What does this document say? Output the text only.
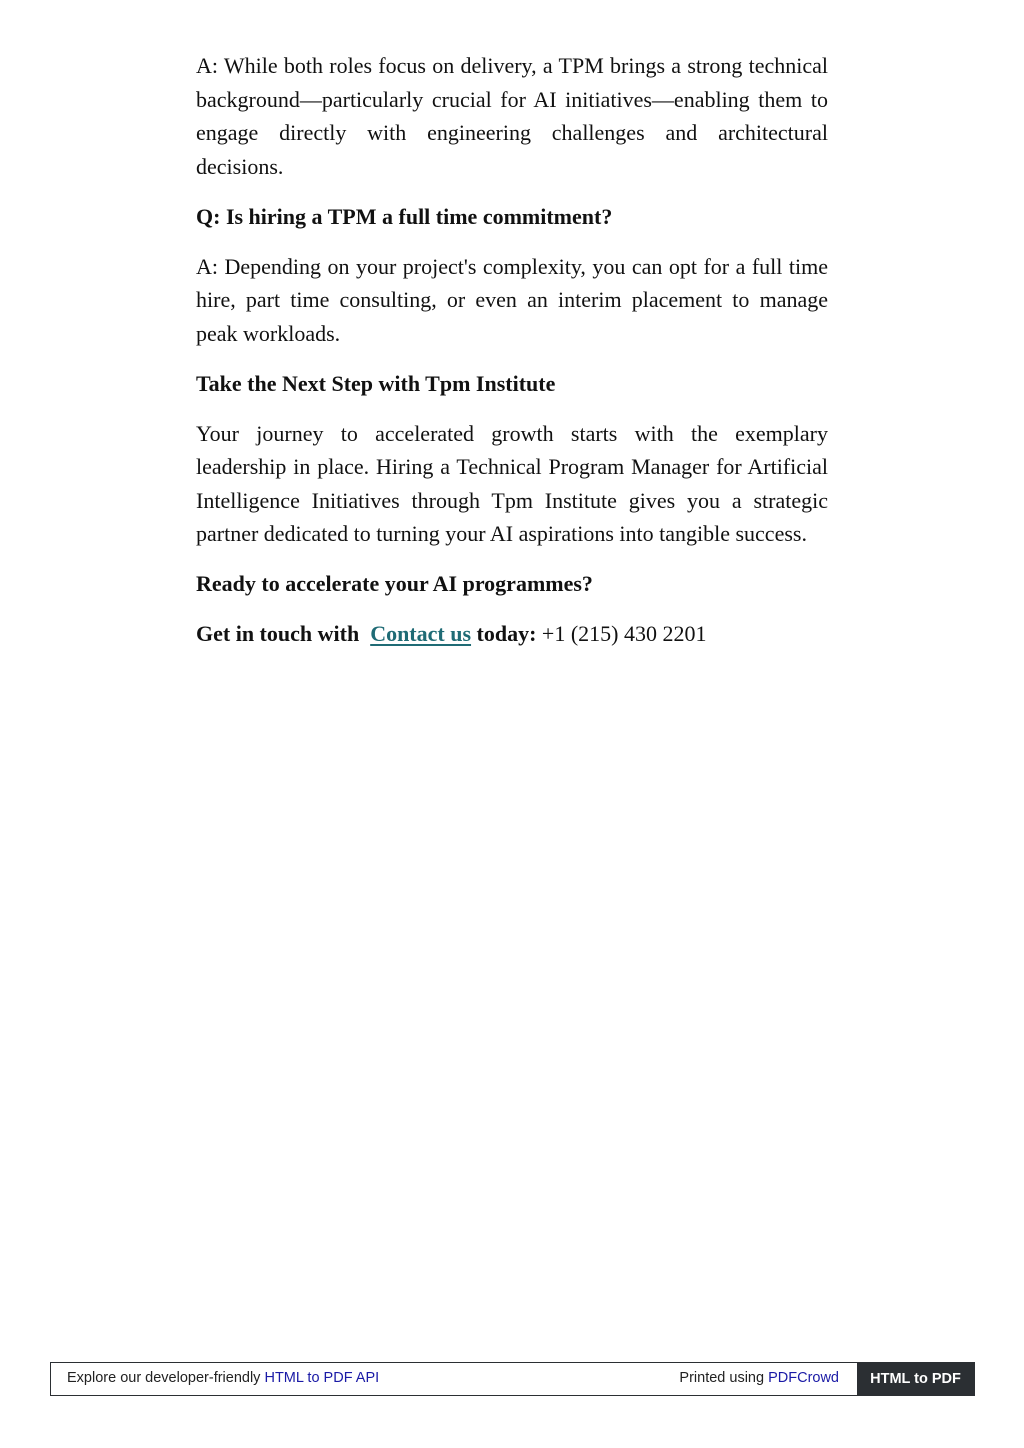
A: While both roles focus on delivery, a TPM brings a strong technical background—particularly crucial for AI initiatives—enabling them to engage directly with engineering challenges and architectural decisions.

Q: Is hiring a TPM a full time commitment?

A: Depending on your project's complexity, you can opt for a full time hire, part time consulting, or even an interim placement to manage peak workloads.

Take the Next Step with Tpm Institute

Your journey to accelerated growth starts with the exemplary leadership in place. Hiring a Technical Program Manager for Artificial Intelligence Initiatives through Tpm Institute gives you a strategic partner dedicated to turning your AI aspirations into tangible success.

Ready to accelerate your AI programmes?

Get in touch with Contact us today: +1 (215) 430 2201

Explore our developer-friendly HTML to PDF API	Printed using PDFCrowd	HTML to PDF
